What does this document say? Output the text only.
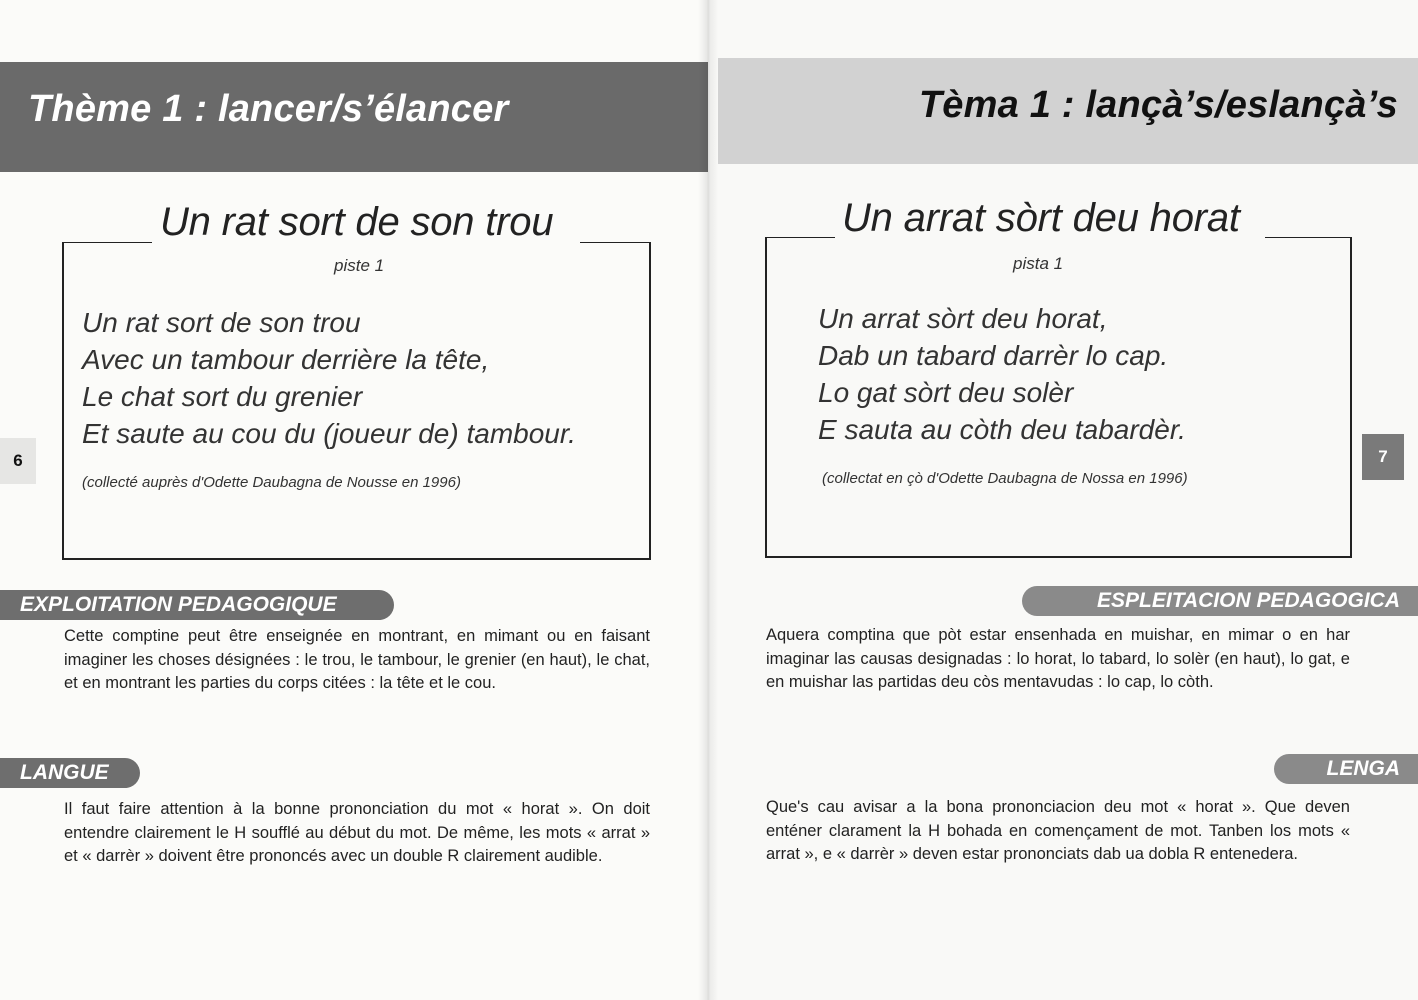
Thème 1 : lancer/s’élancer
Un rat sort de son trou
piste 1
Un rat sort de son trou
Avec un tambour derrière la tête,
Le chat sort du grenier
Et saute au cou du (joueur de) tambour.
(collecté auprès d'Odette Daubagna de Nousse en 1996)
6
EXPLOITATION PEDAGOGIQUE
Cette comptine peut être enseignée en montrant, en mimant ou en faisant imaginer les choses désignées : le trou, le tambour, le grenier (en haut), le chat, et en montrant les parties du corps citées : la tête et le cou.
LANGUE
Il faut faire attention à la bonne prononciation du mot « horat ». On doit entendre clairement le H soufflé au début du mot. De même, les mots « arrat » et « darrèr » doivent être prononcés avec un double R clairement audible.
Tèma 1 : lançà’s/eslançà’s
Un arrat sòrt deu horat
pista 1
Un arrat sòrt deu horat,
Dab un tabard darrèr lo cap.
Lo gat sòrt deu solèr
E sauta au còth deu tabardèr.
(collectat en çò d'Odette Daubagna de Nossa en 1996)
7
ESPLEITACION PEDAGOGICA
Aquera comptina que pòt estar ensenhada en muishar, en mimar o en har imaginar las causas designadas : lo horat, lo tabard, lo solèr (en haut), lo gat, e en muishar las partidas deu còs mentavudas : lo cap, lo còth.
LENGA
Que's cau avisar a la bona prononciacion deu mot « horat ». Que deven enténer clarament la H bohada en començament de mot. Tanben los mots « arrat », e « darrèr » deven estar prononciats dab ua dobla R entenedera.
